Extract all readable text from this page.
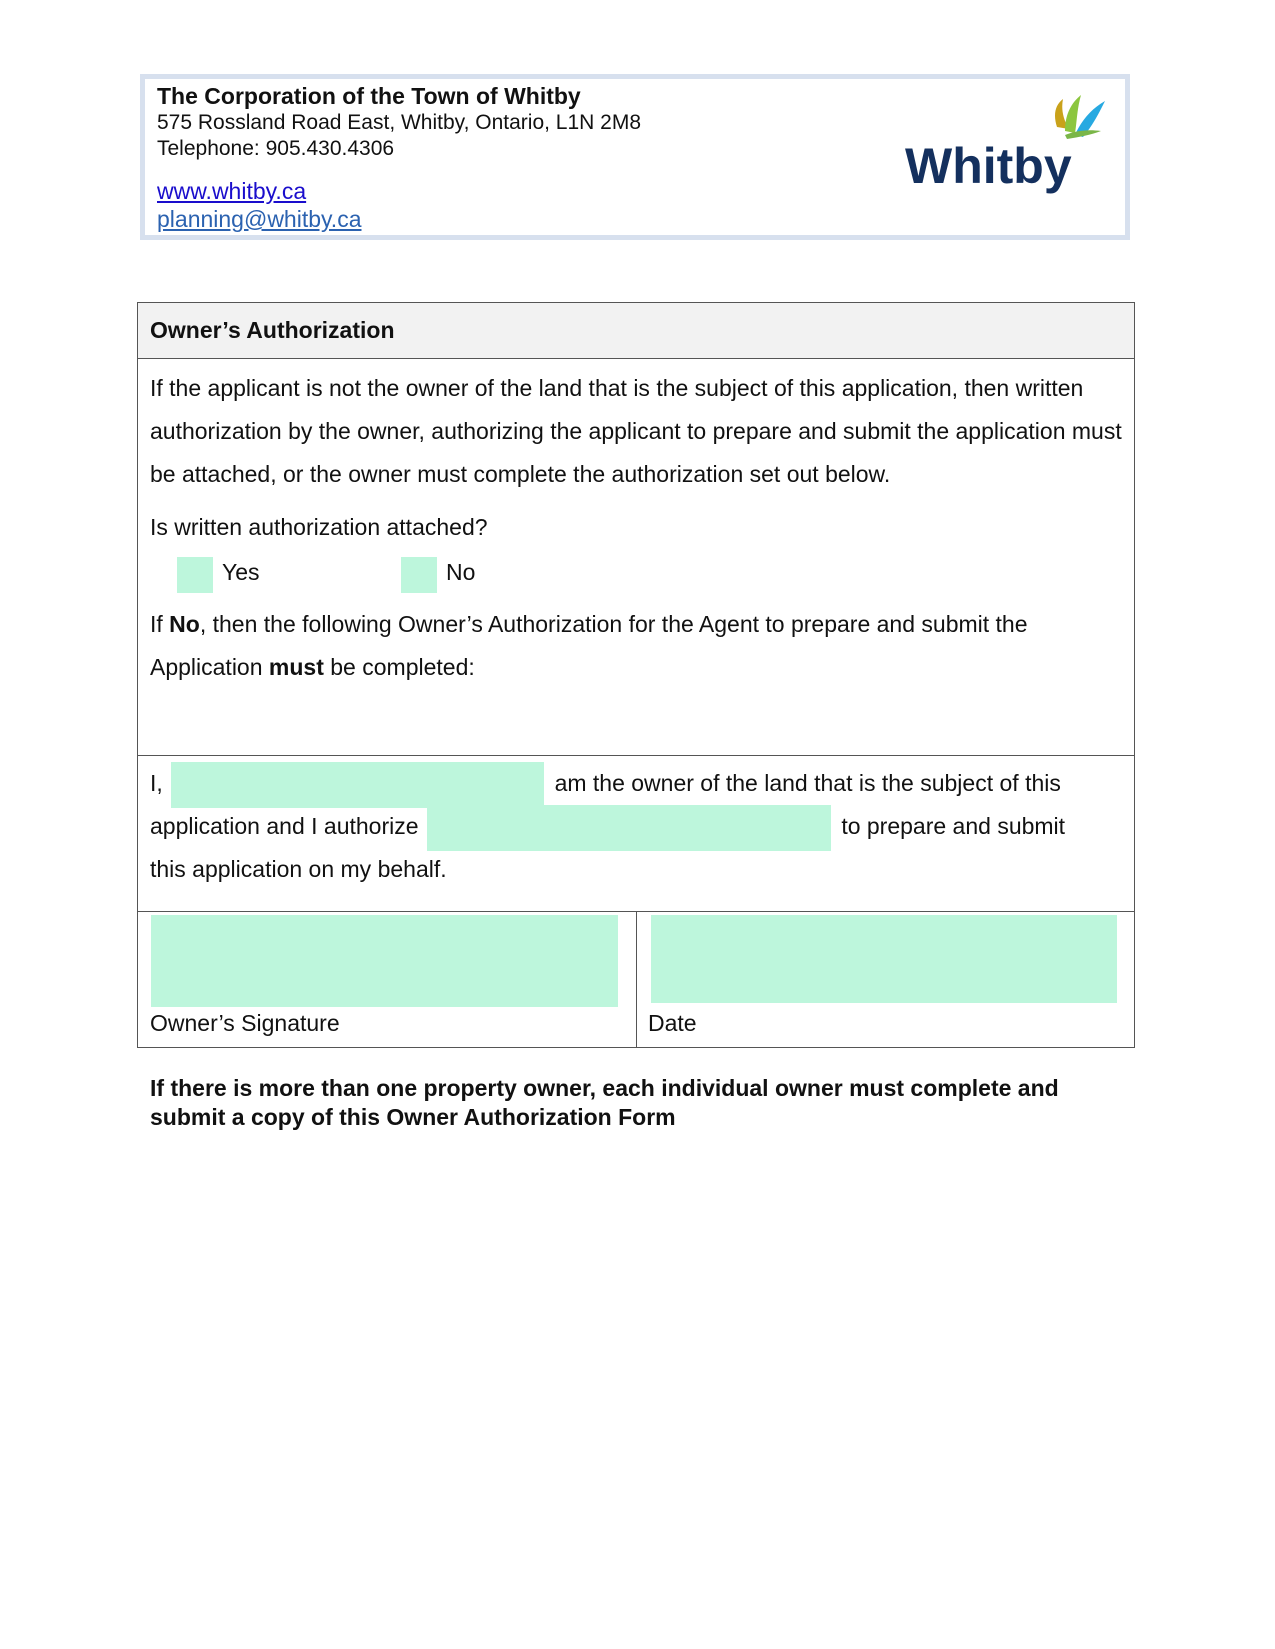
The Corporation of the Town of Whitby
575 Rossland Road East, Whitby, Ontario, L1N 2M8
Telephone: 905.430.4306
www.whitby.ca
planning@whitby.ca
Whitby
Owner’s Authorization

If the applicant is not the owner of the land that is the subject of this application, then written authorization by the owner, authorizing the applicant to prepare and submit the application must be attached, or the owner must complete the authorization set out below.

Is written authorization attached?
Yes	No

If No, then the following Owner’s Authorization for the Agent to prepare and submit the Application must be completed:

I,	am the owner of the land that is the subject of this
application and I authorize	to prepare and submit
this application on my behalf.
Owner’s Signature	Date
If there is more than one property owner, each individual owner must complete and submit a copy of this Owner Authorization Form
